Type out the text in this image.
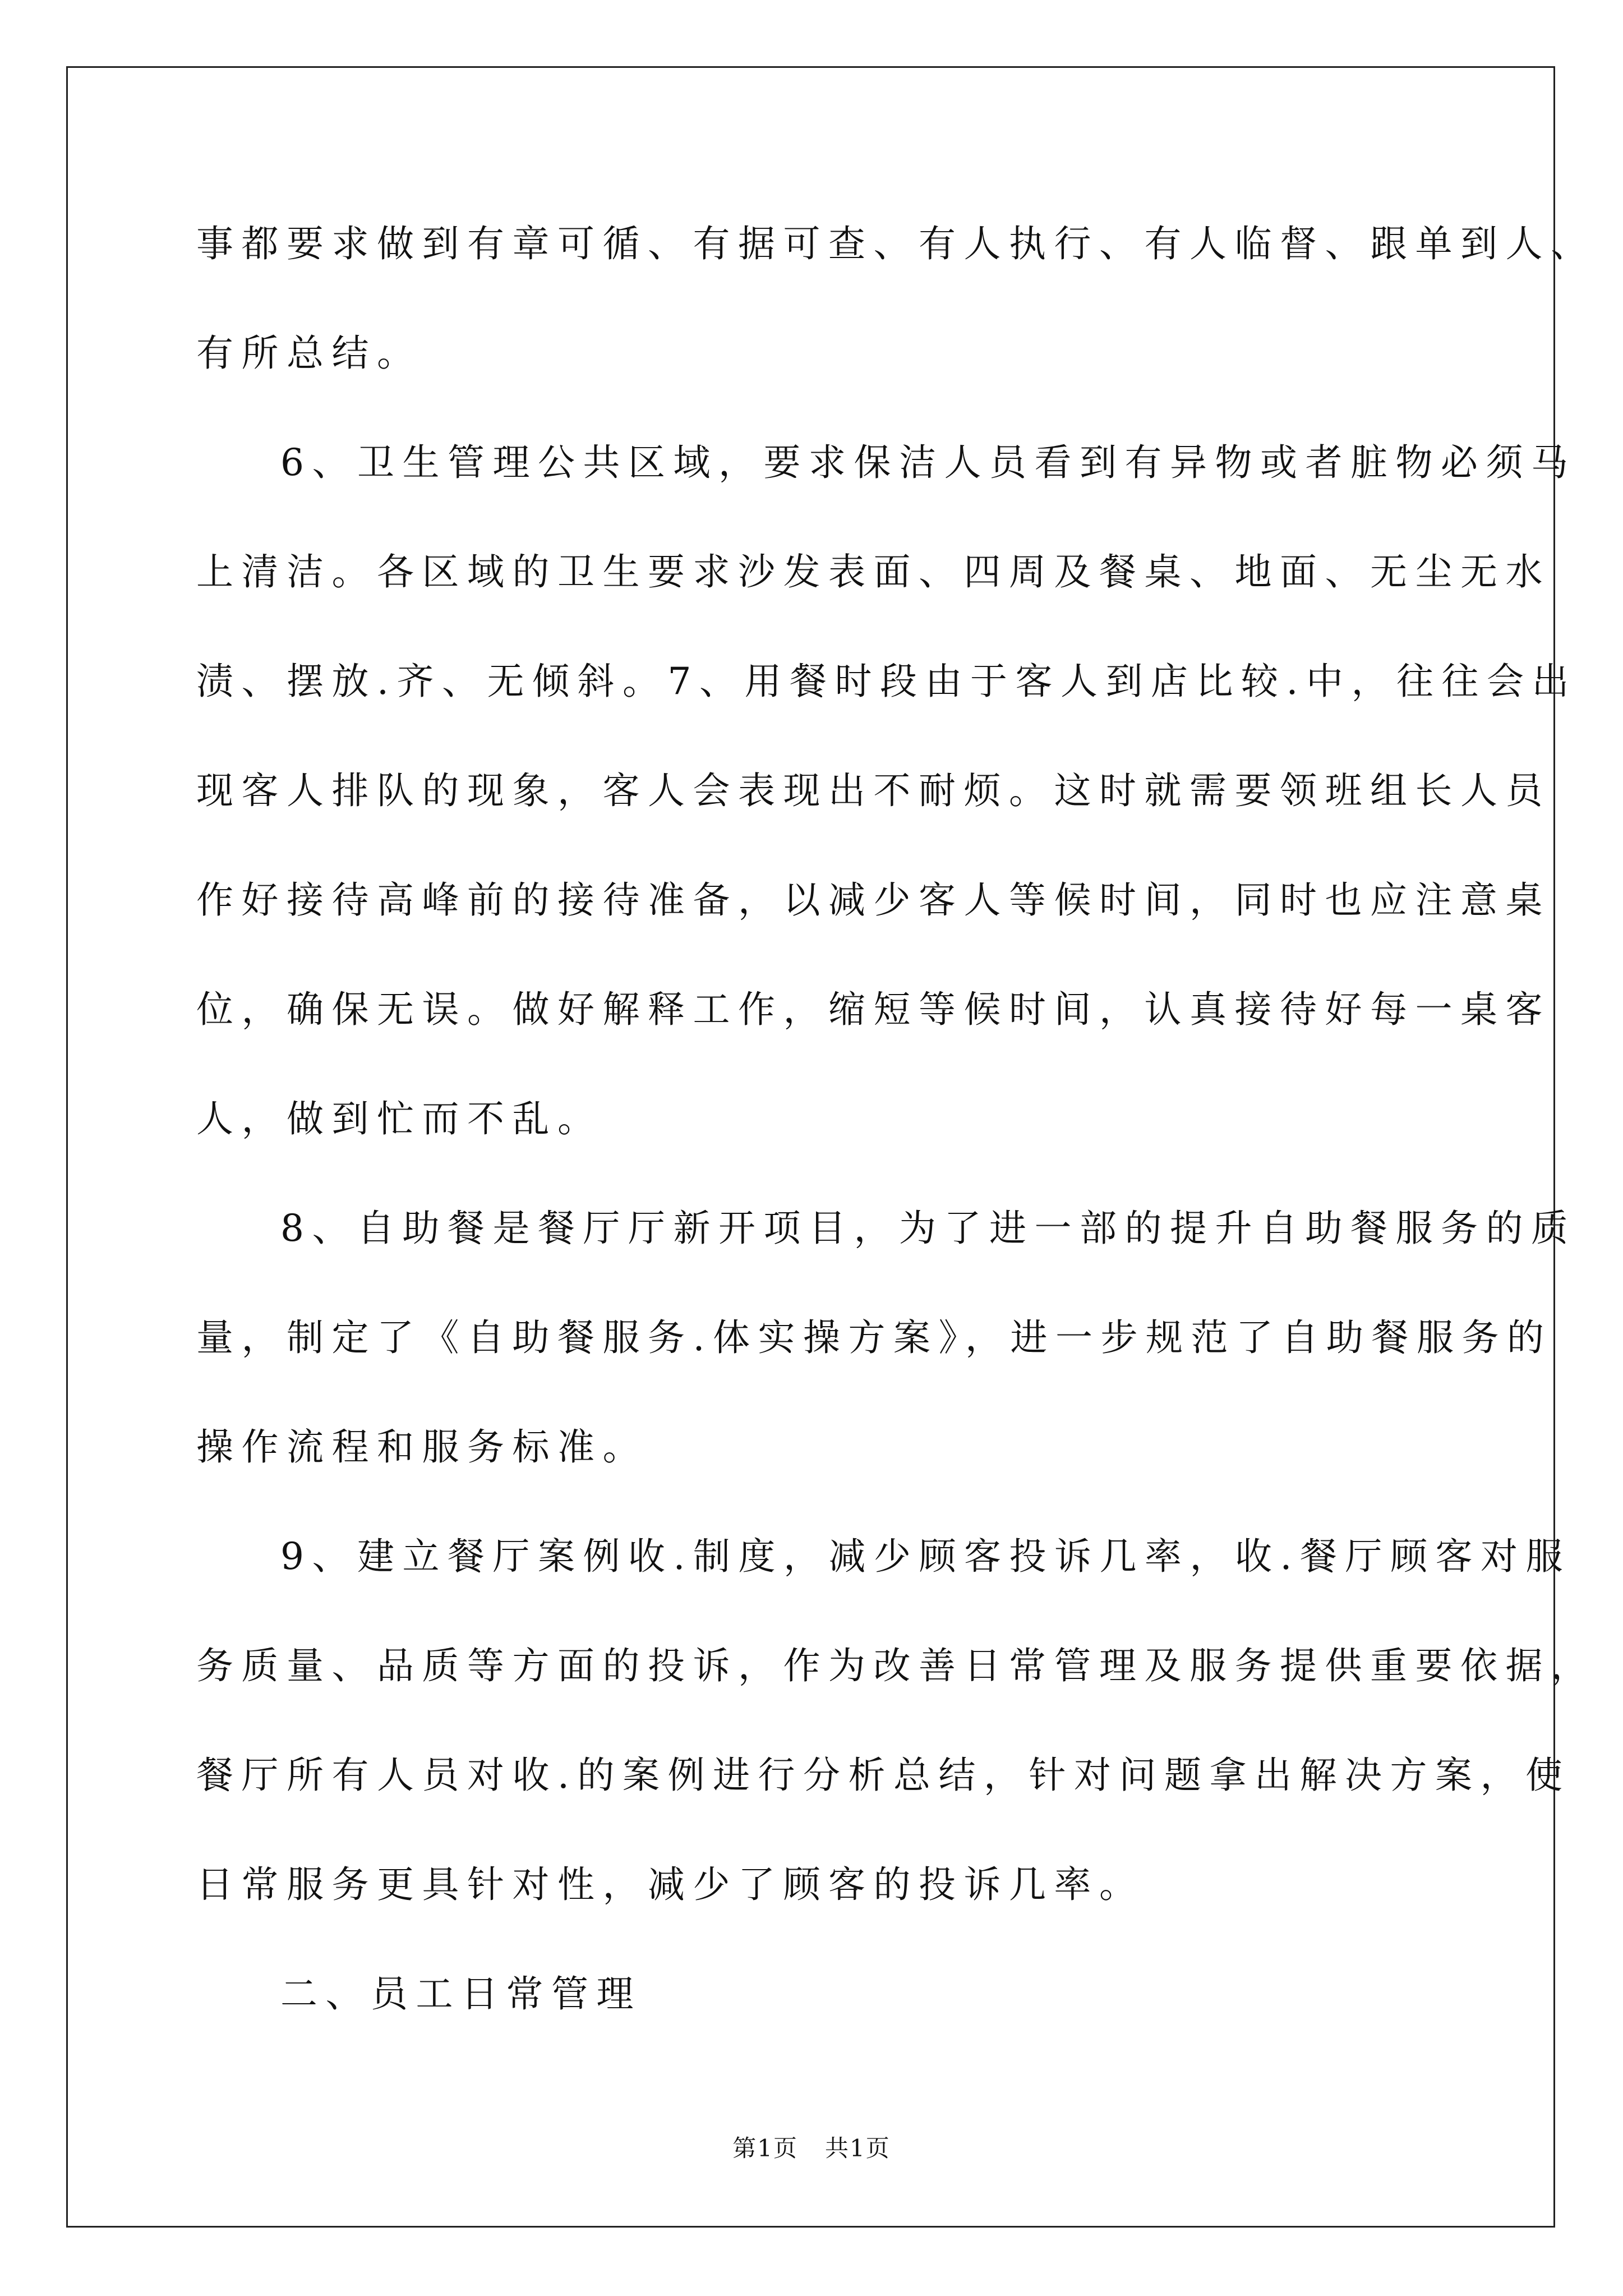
事都要求做到有章可循、有据可查、有人执行、有人临督、跟单到人、
有所总结。
6、卫生管理公共区域，要求保洁人员看到有异物或者脏物必须马
上清洁。各区域的卫生要求沙发表面、四周及餐桌、地面、无尘无水
渍、摆放.齐、无倾斜。7、用餐时段由于客人到店比较.中，往往会出
现客人排队的现象，客人会表现出不耐烦。这时就需要领班组长人员
作好接待高峰前的接待准备，以减少客人等候时间，同时也应注意桌
位，确保无误。做好解释工作，缩短等候时间，认真接待好每一桌客
人，做到忙而不乱。
8、自助餐是餐厅厅新开项目，为了进一部的提升自助餐服务的质
量，制定了《自助餐服务.体实操方案》，进一步规范了自助餐服务的
操作流程和服务标准。
9、建立餐厅案例收.制度，减少顾客投诉几率，收.餐厅顾客对服
务质量、品质等方面的投诉，作为改善日常管理及服务提供重要依据，
餐厅所有人员对收.的案例进行分析总结，针对问题拿出解决方案，使
日常服务更具针对性，减少了顾客的投诉几率。
二、员工日常管理
第1页 共1页
